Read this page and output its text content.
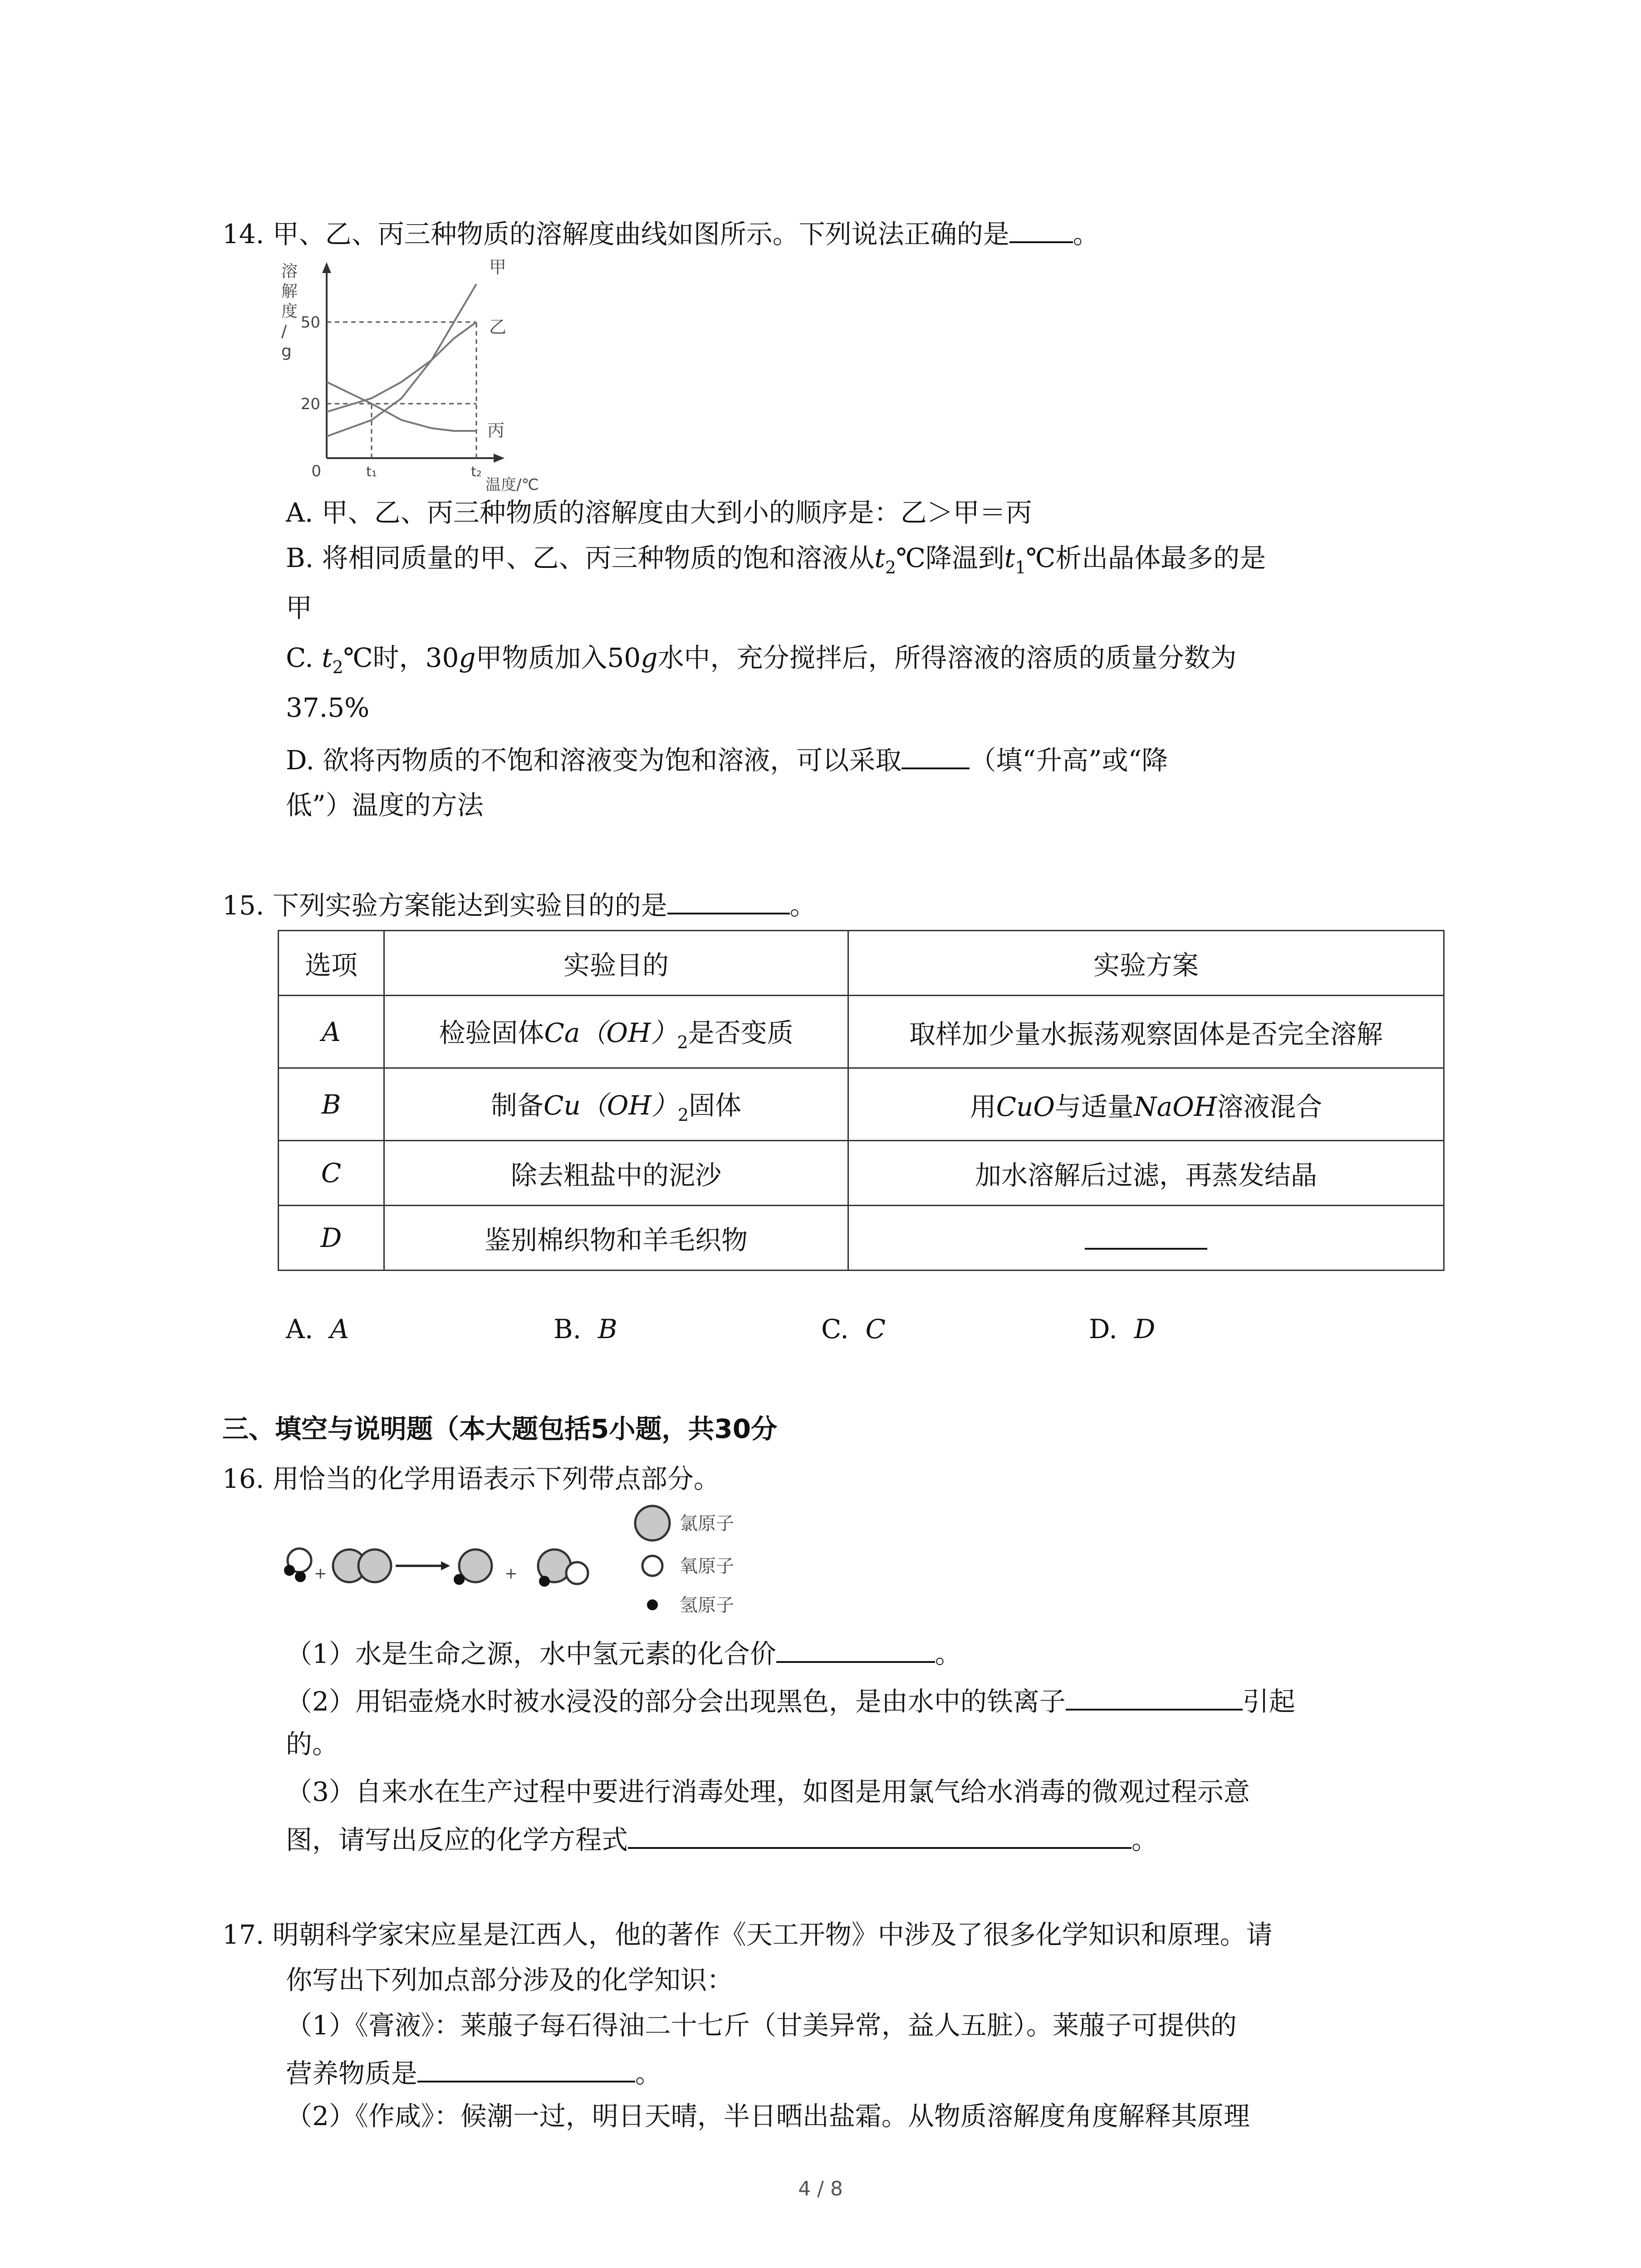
14. 甲、乙、丙三种物质的溶解度曲线如图所示。下列说法正确的是 。
50
20
0	t₁	t₂
溶
解
度
/
g
温度/℃
甲
乙
丙
A. 甲、乙、丙三种物质的溶解度由大到小的顺序是：乙＞甲＝丙
B. 将相同质量的甲、乙、丙三种物质的饱和溶液从$t_2℃$降温到$t_1℃$析出晶体最多的是
甲
C. $t_2℃$时，30g甲物质加入50g水中，充分搅拌后，所得溶液的溶质的质量分数为
37.5%
D. 欲将丙物质的不饱和溶液变为饱和溶液，可以采取	（填“升高”或“降
低”）温度的方法
15. 下列实验方案能达到实验目的的是	。
选项	实验目的	实验方案
A	检验固体$Ca(OH)_2$是否变质	取样加少量水振荡观察固体是否完全溶解
B	制备$Cu(OH)_2$固体	用CuO与适量NaOH溶液混合
C	除去粗盐中的泥沙	加水溶解后过滤，再蒸发结晶
D	鉴别棉织物和羊毛织物	
A. A	B. B	C. C	D. D
三、填空与说明题（本大题包括5小题，共30分
16. 用恰当的化学用语表示下列带点部分。
+	+
氯原子
氧原子
氢原子
（1）水是生命之源，水中氢元素的化合价	。
（2）用铝壶烧水时被水浸没的部分会出现黑色，是由水中的铁离子	引起
的。
（3）自来水在生产过程中要进行消毒处理，如图是用氯气给水消毒的微观过程示意
图，请写出反应的化学方程式	。
17. 明朝科学家宋应星是江西人，他的著作《天工开物》中涉及了很多化学知识和原理。请
你写出下列加点部分涉及的化学知识：
（1）《膏液》：莱菔子每石得油二十七斤（甘美异常，益人五脏）。莱菔子可提供的
营养物质是	。
（2）《作咸》：候潮一过，明日天晴，半日晒出盐霜。从物质溶解度角度解释其原理
4 / 8
